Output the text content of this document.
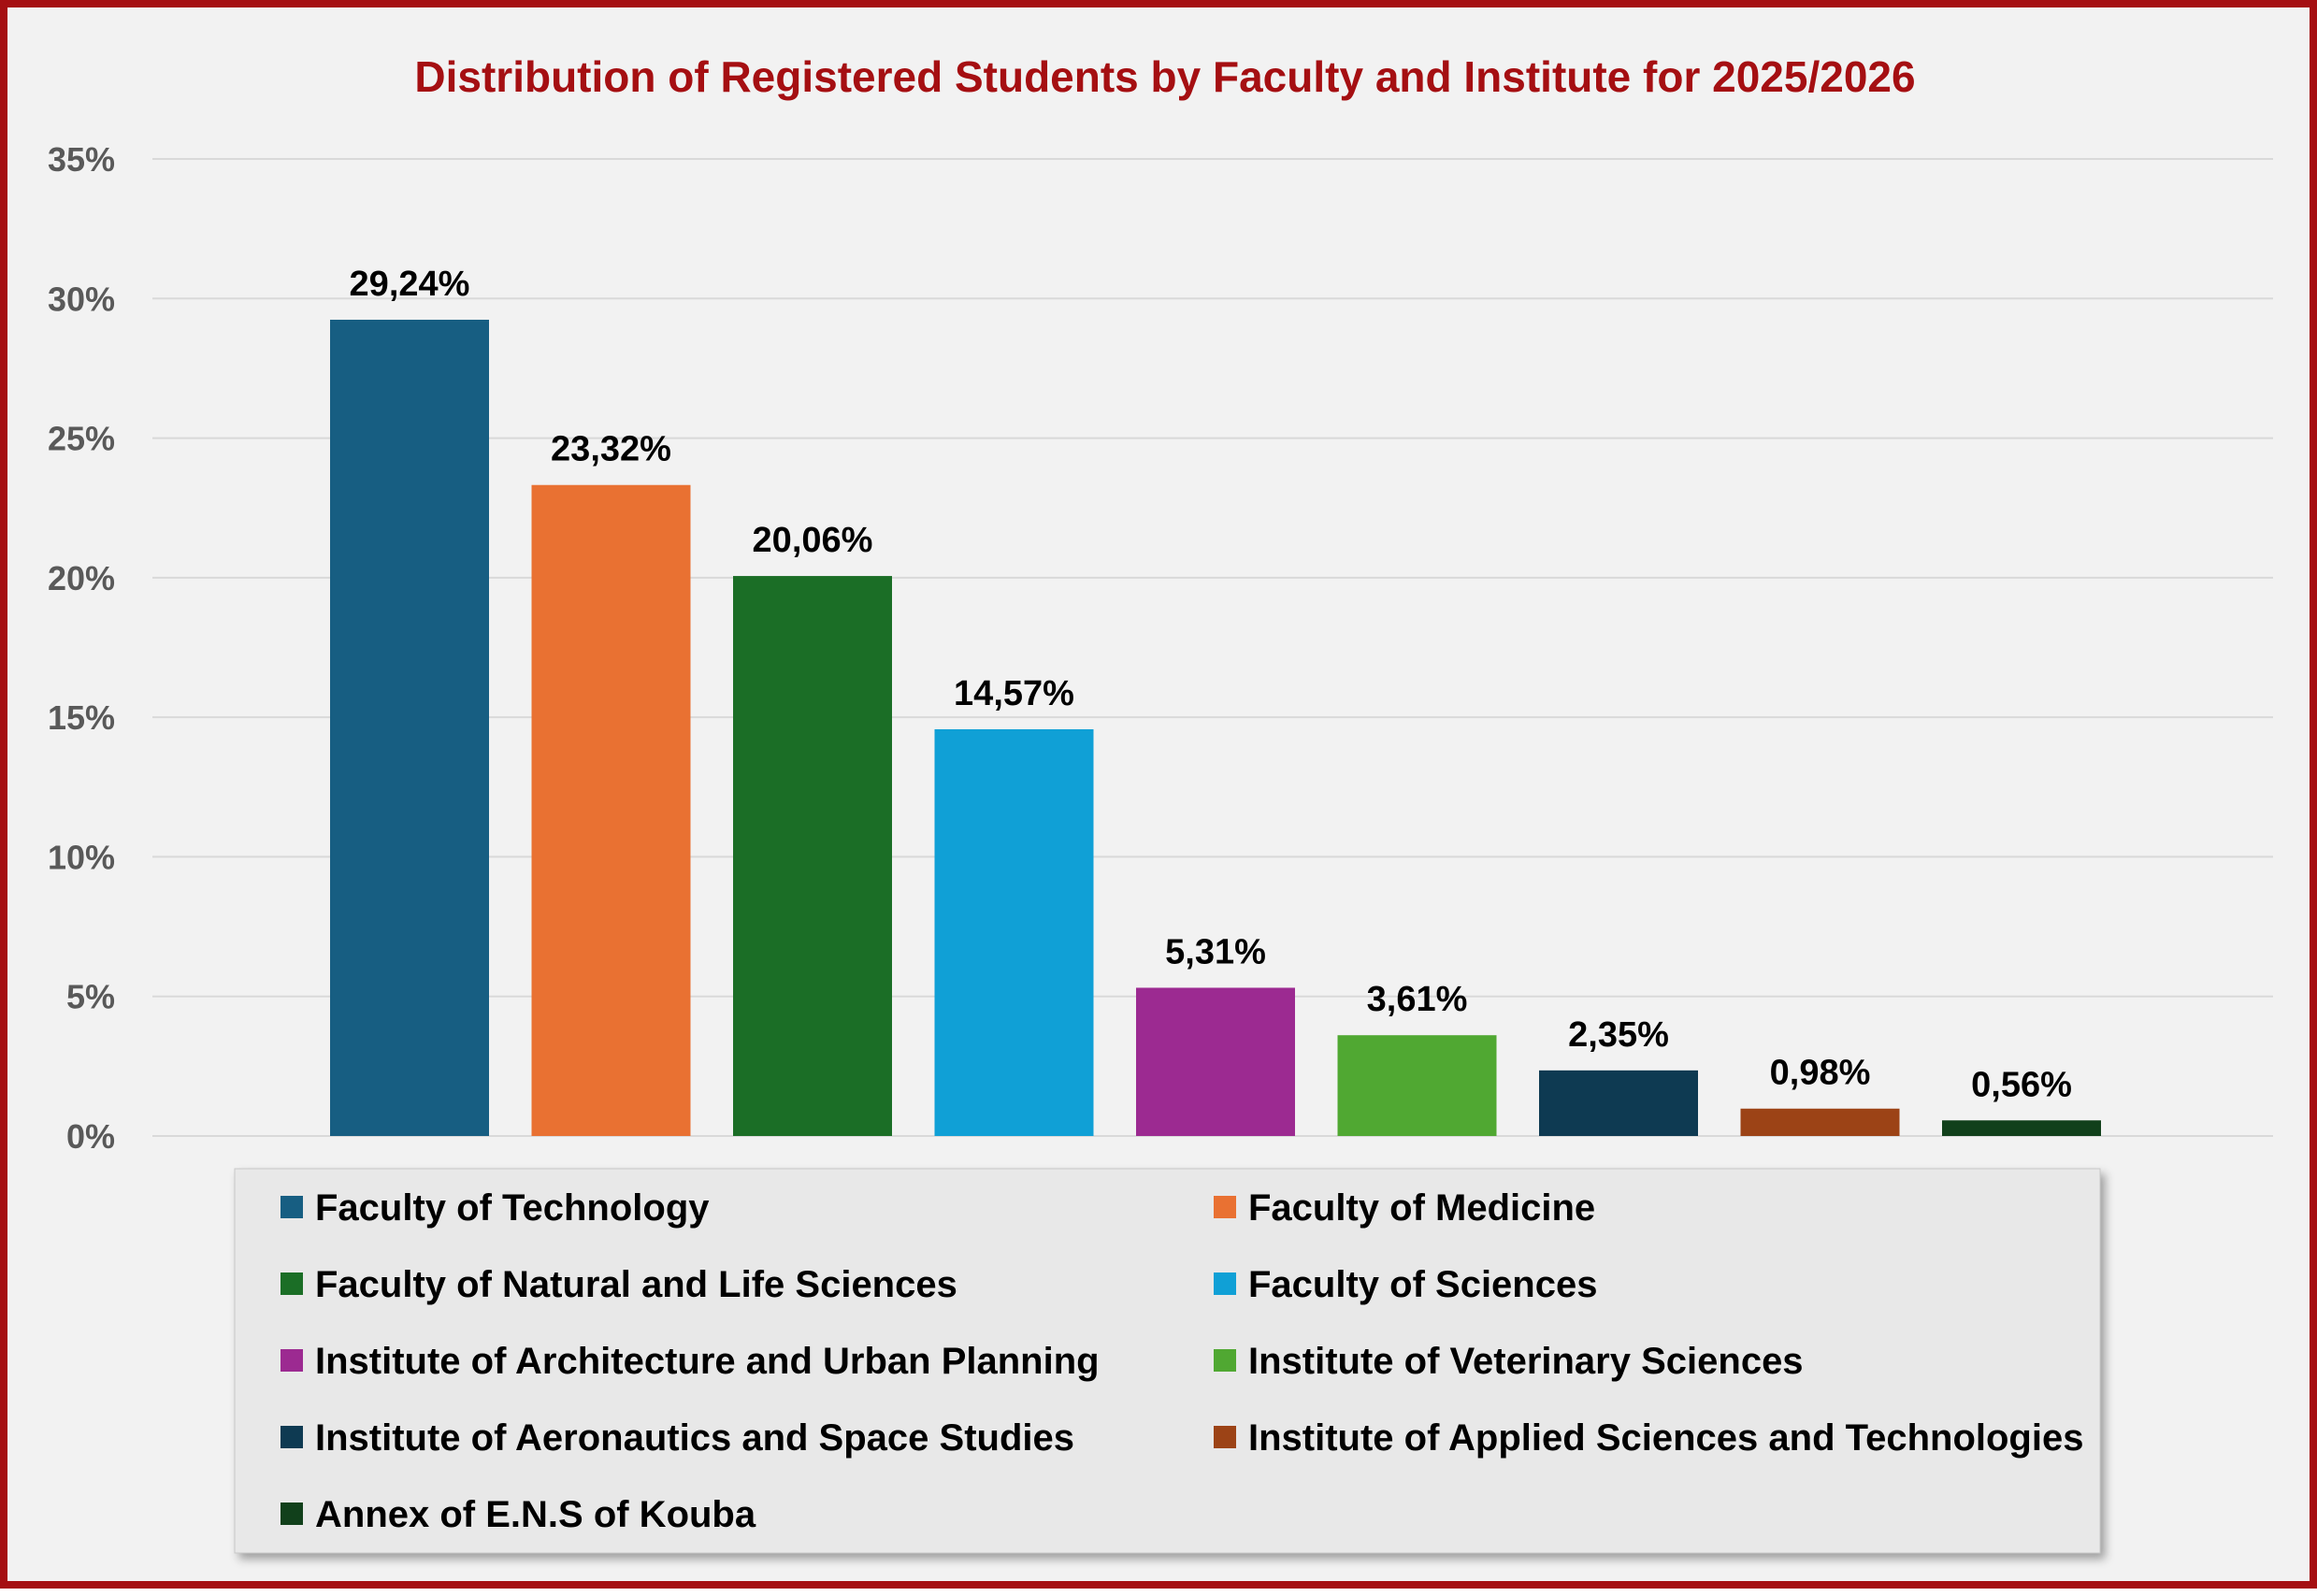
Distribution of Registered Students by Faculty and Institute for 2025/2026
0%
5%
10%
15%
20%
25%
30%
35%
29,24%
23,32%
20,06%
14,57%
5,31%
3,61%
2,35%
0,98%	0,56%
Faculty of Technology	Faculty of Medicine
Faculty of Natural and Life Sciences	Faculty of Sciences
Institute of Architecture and Urban Planning	Institute of Veterinary Sciences
Institute of Aeronautics and Space Studies	Institute of Applied Sciences and Technologies
Annex of E.N.S of Kouba
